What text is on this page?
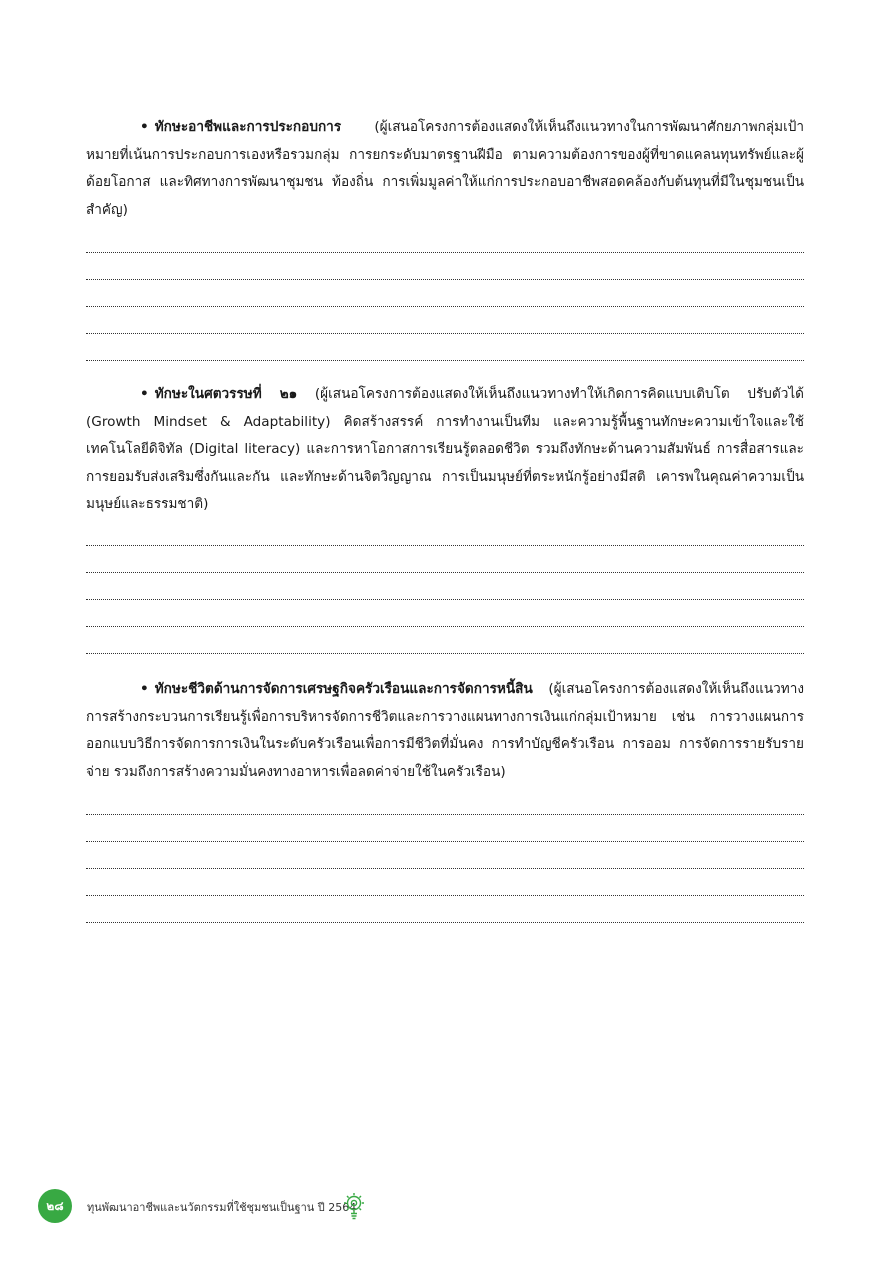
• ทักษะอาชีพและการประกอบการ (ผู้เสนอโครงการต้องแสดงให้เห็นถึงแนวทางในการพัฒนาศักยภาพกลุ่มเป้าหมายที่เน้นการประกอบการเองหรือรวมกลุ่ม การยกระดับมาตรฐานฝีมือ ตามความต้องการของผู้ที่ขาดแคลนทุนทรัพย์และผู้ด้อยโอกาส และทิศทางการพัฒนาชุมชน ท้องถิ่น การเพิ่มมูลค่าให้แก่การประกอบอาชีพสอดคล้องกับต้นทุนที่มีในชุมชนเป็นสำคัญ)

• ทักษะในศตวรรษที่ ๒๑ (ผู้เสนอโครงการต้องแสดงให้เห็นถึงแนวทางทำให้เกิดการคิดแบบเติบโต ปรับตัวได้ (Growth Mindset & Adaptability) คิดสร้างสรรค์ การทำงานเป็นทีม และความรู้พื้นฐานทักษะความเข้าใจและใช้เทคโนโลยีดิจิทัล (Digital literacy) และการหาโอกาสการเรียนรู้ตลอดชีวิต รวมถึงทักษะด้านความสัมพันธ์ การสื่อสารและการยอมรับส่งเสริมซึ่งกันและกัน และทักษะด้านจิตวิญญาณ การเป็นมนุษย์ที่ตระหนักรู้อย่างมีสติ เคารพในคุณค่าความเป็นมนุษย์และธรรมชาติ)

• ทักษะชีวิตด้านการจัดการเศรษฐกิจครัวเรือนและการจัดการหนี้สิน (ผู้เสนอโครงการต้องแสดงให้เห็นถึงแนวทางการสร้างกระบวนการเรียนรู้เพื่อการบริหารจัดการชีวิตและการวางแผนทางการเงินแก่กลุ่มเป้าหมาย เช่น การวางแผนการออกแบบวิธีการจัดการการเงินในระดับครัวเรือนเพื่อการมีชีวิตที่มั่นคง การทำบัญชีครัวเรือน การออม การจัดการรายรับรายจ่าย รวมถึงการสร้างความมั่นคงทางอาหารเพื่อลดค่าจ่ายใช้ในครัวเรือน)

๒๘	ทุนพัฒนาอาชีพและนวัตกรรมที่ใช้ชุมชนเป็นฐาน ปี 2564
